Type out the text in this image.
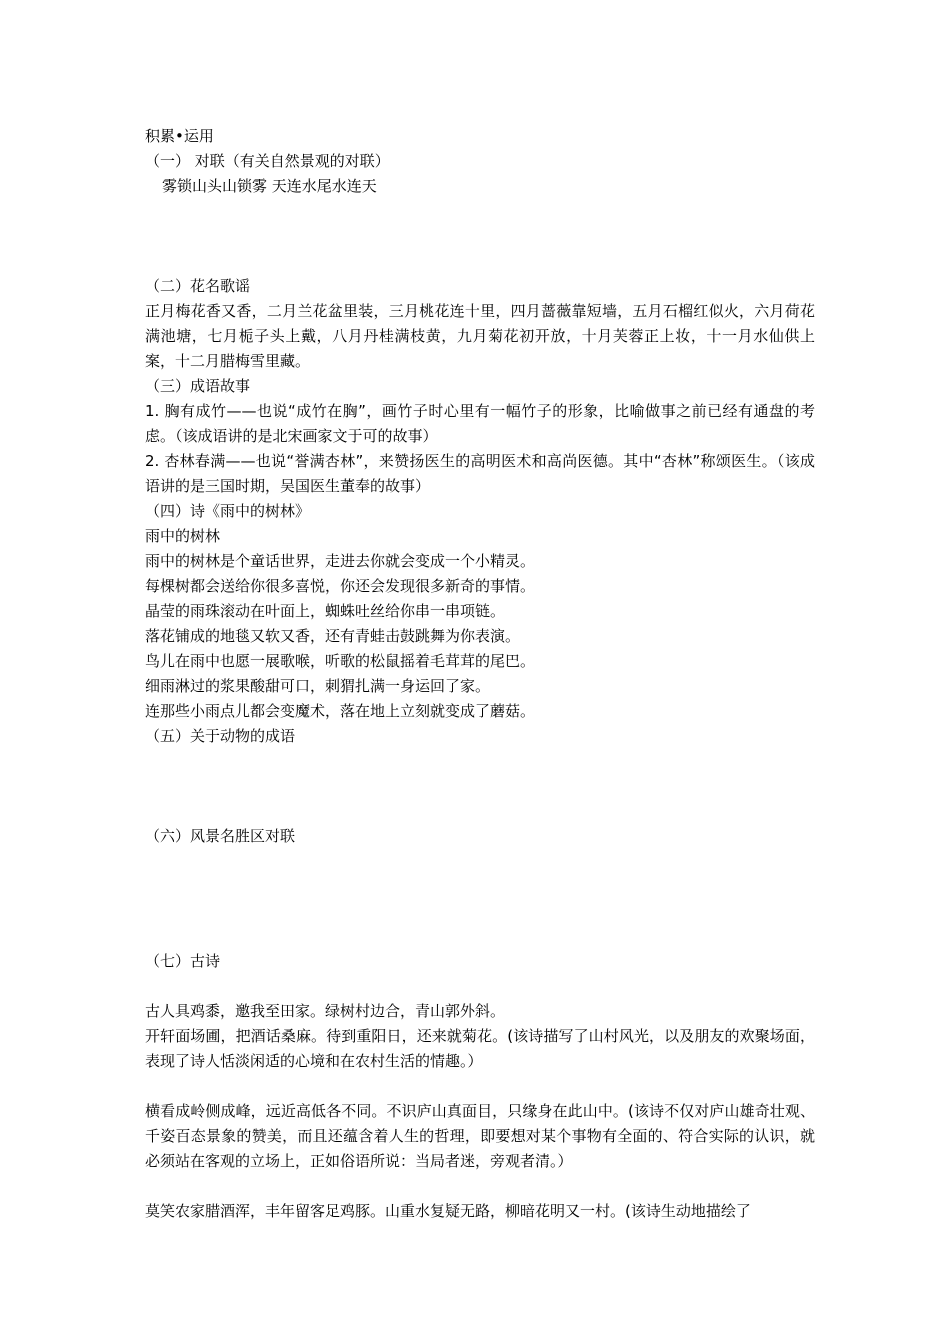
积累•运用
（一） 对联（有关自然景观的对联）
雾锁山头山锁雾 天连水尾水连天

（二）花名歌谣
正月梅花香又香，二月兰花盆里装，三月桃花连十里，四月蔷薇靠短墙，五月石榴红似火，六月荷花满池塘，七月栀子头上戴，八月丹桂满枝黄，九月菊花初开放，十月芙蓉正上妆，十一月水仙供上案，十二月腊梅雪里藏。
（三）成语故事
1. 胸有成竹——也说“成竹在胸”，画竹子时心里有一幅竹子的形象，比喻做事之前已经有通盘的考虑。（该成语讲的是北宋画家文于可的故事）
2. 杏林春满——也说“誉满杏林”，来赞扬医生的高明医术和高尚医德。其中“杏林”称颂医生。（该成语讲的是三国时期，吴国医生董奉的故事）
（四）诗《雨中的树林》
雨中的树林
雨中的树林是个童话世界，走进去你就会变成一个小精灵。
每棵树都会送给你很多喜悦，你还会发现很多新奇的事情。
晶莹的雨珠滚动在叶面上，蜘蛛吐丝给你串一串项链。
落花铺成的地毯又软又香，还有青蛙击鼓跳舞为你表演。
鸟儿在雨中也愿一展歌喉，听歌的松鼠摇着毛茸茸的尾巴。
细雨淋过的浆果酸甜可口，刺猬扎满一身运回了家。
连那些小雨点儿都会变魔术，落在地上立刻就变成了蘑菇。
（五）关于动物的成语

（六）风景名胜区对联

（七）古诗

古人具鸡黍，邀我至田家。绿树村边合，青山郭外斜。
开轩面场圃，把酒话桑麻。待到重阳日，还来就菊花。(该诗描写了山村风光，以及朋友的欢聚场面，表现了诗人恬淡闲适的心境和在农村生活的情趣。）

横看成岭侧成峰，远近高低各不同。不识庐山真面目，只缘身在此山中。(该诗不仅对庐山雄奇壮观、千姿百态景象的赞美，而且还蕴含着人生的哲理，即要想对某个事物有全面的、符合实际的认识，就必须站在客观的立场上，正如俗语所说：当局者迷，旁观者清。）

莫笑农家腊酒浑，丰年留客足鸡豚。山重水复疑无路，柳暗花明又一村。(该诗生动地描绘了
